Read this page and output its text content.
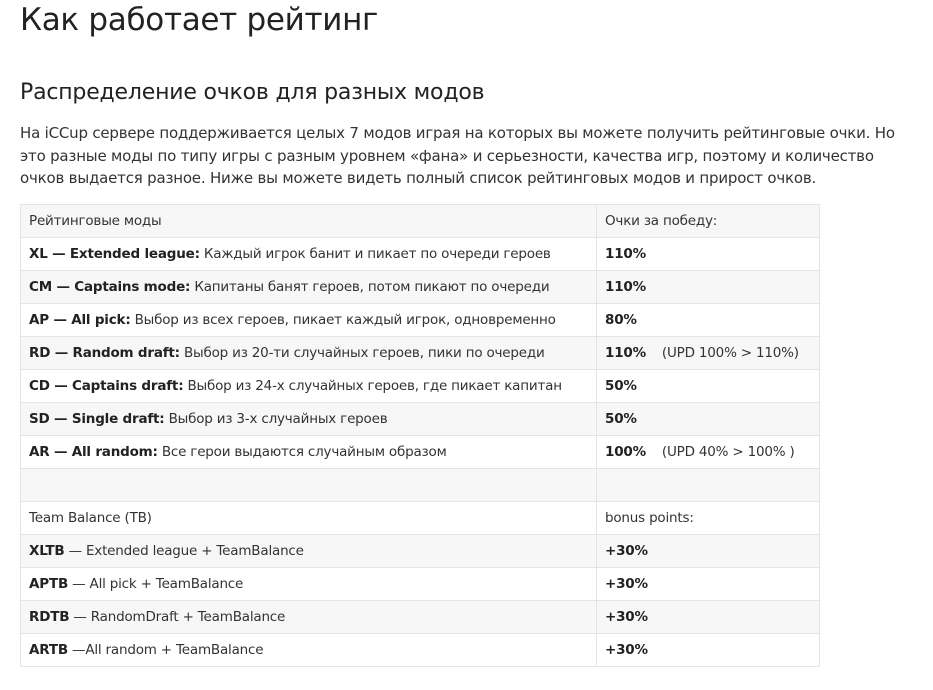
Как работает рейтинг
Распределение очков для разных модов

На iCCup сервере поддерживается целых 7 модов играя на которых вы можете получить рейтинговые очки. Но это разные моды по типу игры с разным уровнем «фана» и серьезности, качества игр, поэтому и количество очков выдается разное. Ниже вы можете видеть полный список рейтинговых модов и прирост очков.

Рейтинговые моды	Очки за победу:
XL — Extended league: Каждый игрок банит и пикает по очереди героев	110%
CM — Captains mode: Капитаны банят героев, потом пикают по очереди	110%
AP — All pick: Выбор из всех героев, пикает каждый игрок, одновременно	80%
RD — Random draft: Выбор из 20-ти случайных героев, пики по очереди	110% (UPD 100% > 110%)
CD — Captains draft: Выбор из 24-х случайных героев, где пикает капитан	50%
SD — Single draft: Выбор из 3-х случайных героев	50%
AR — All random: Все герои выдаются случайным образом	100% (UPD 40% > 100% )

Team Balance (TB)	bonus points:
XLTB — Extended league + TeamBalance	+30%
APTB — All pick + TeamBalance	+30%
RDTB — RandomDraft + TeamBalance	+30%
ARTB —All random + TeamBalance	+30%
